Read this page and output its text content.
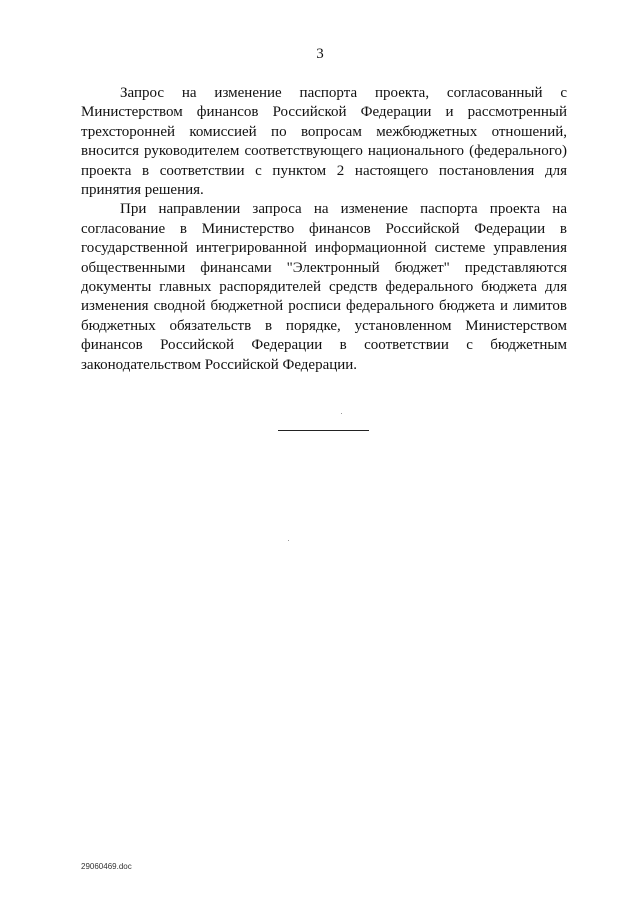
3

Запрос на изменение паспорта проекта, согласованный с Министерством финансов Российской Федерации и рассмотренный трехсторонней комиссией по вопросам межбюджетных отношений, вносится руководителем соответствующего национального (федерального) проекта в соответствии с пунктом 2 настоящего постановления для принятия решения.

При направлении запроса на изменение паспорта проекта на согласование в Министерство финансов Российской Федерации в государственной интегрированной информационной системе управления общественными финансами "Электронный бюджет" представляются документы главных распорядителей средств федерального бюджета для изменения сводной бюджетной росписи федерального бюджета и лимитов бюджетных обязательств в порядке, установленном Министерством финансов Российской Федерации в соответствии с бюджетным законодательством Российской Федерации.

29060469.doc
